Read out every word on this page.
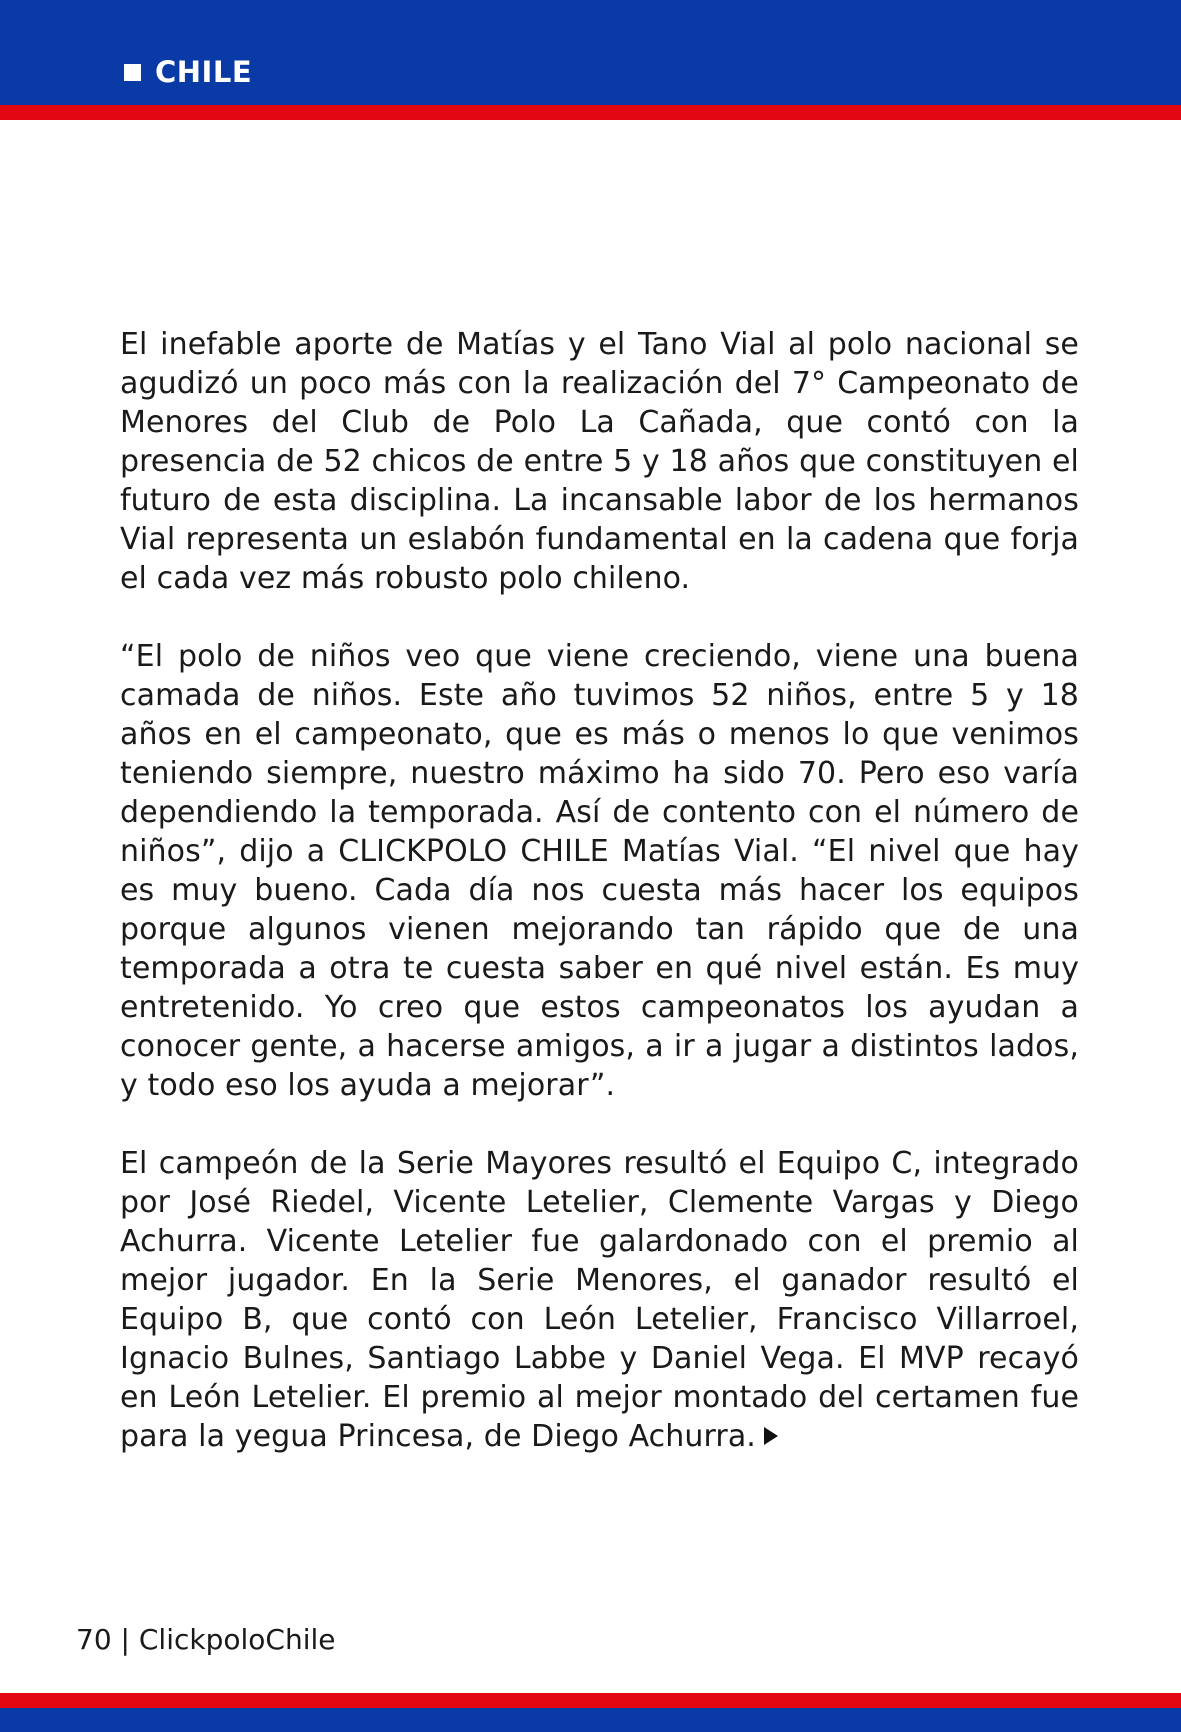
CHILE

El inefable aporte de Matías y el Tano Vial al polo nacional se agudizó un poco más con la realización del 7° Campeonato de Menores del Club de Polo La Cañada, que contó con la presencia de 52 chicos de entre 5 y 18 años que constituyen el futuro de esta disciplina. La incansable labor de los hermanos Vial representa un eslabón fundamental en la cadena que forja el cada vez más robusto polo chileno.

“El polo de niños veo que viene creciendo, viene una buena camada de niños. Este año tuvimos 52 niños, entre 5 y 18 años en el campeonato, que es más o menos lo que venimos teniendo siempre, nuestro máximo ha sido 70. Pero eso varía dependiendo la temporada. Así de contento con el número de niños”, dijo a CLICKPOLO CHILE Matías Vial. “El nivel que hay es muy bueno. Cada día nos cuesta más hacer los equipos porque algunos vienen mejorando tan rápido que de una temporada a otra te cuesta saber en qué nivel están. Es muy entretenido. Yo creo que estos campeonatos los ayudan a conocer gente, a hacerse amigos, a ir a jugar a distintos lados, y todo eso los ayuda a mejorar”.

El campeón de la Serie Mayores resultó el Equipo C, integrado por José Riedel, Vicente Letelier, Clemente Vargas y Diego Achurra. Vicente Letelier fue galardonado con el premio al mejor jugador. En la Serie Menores, el ganador resultó el Equipo B, que contó con León Letelier, Francisco Villarroel, Ignacio Bulnes, Santiago Labbe y Daniel Vega. El MVP recayó en León Letelier. El premio al mejor montado del certamen fue para la yegua Princesa, de Diego Achurra.

70 | ClickpoloChile
